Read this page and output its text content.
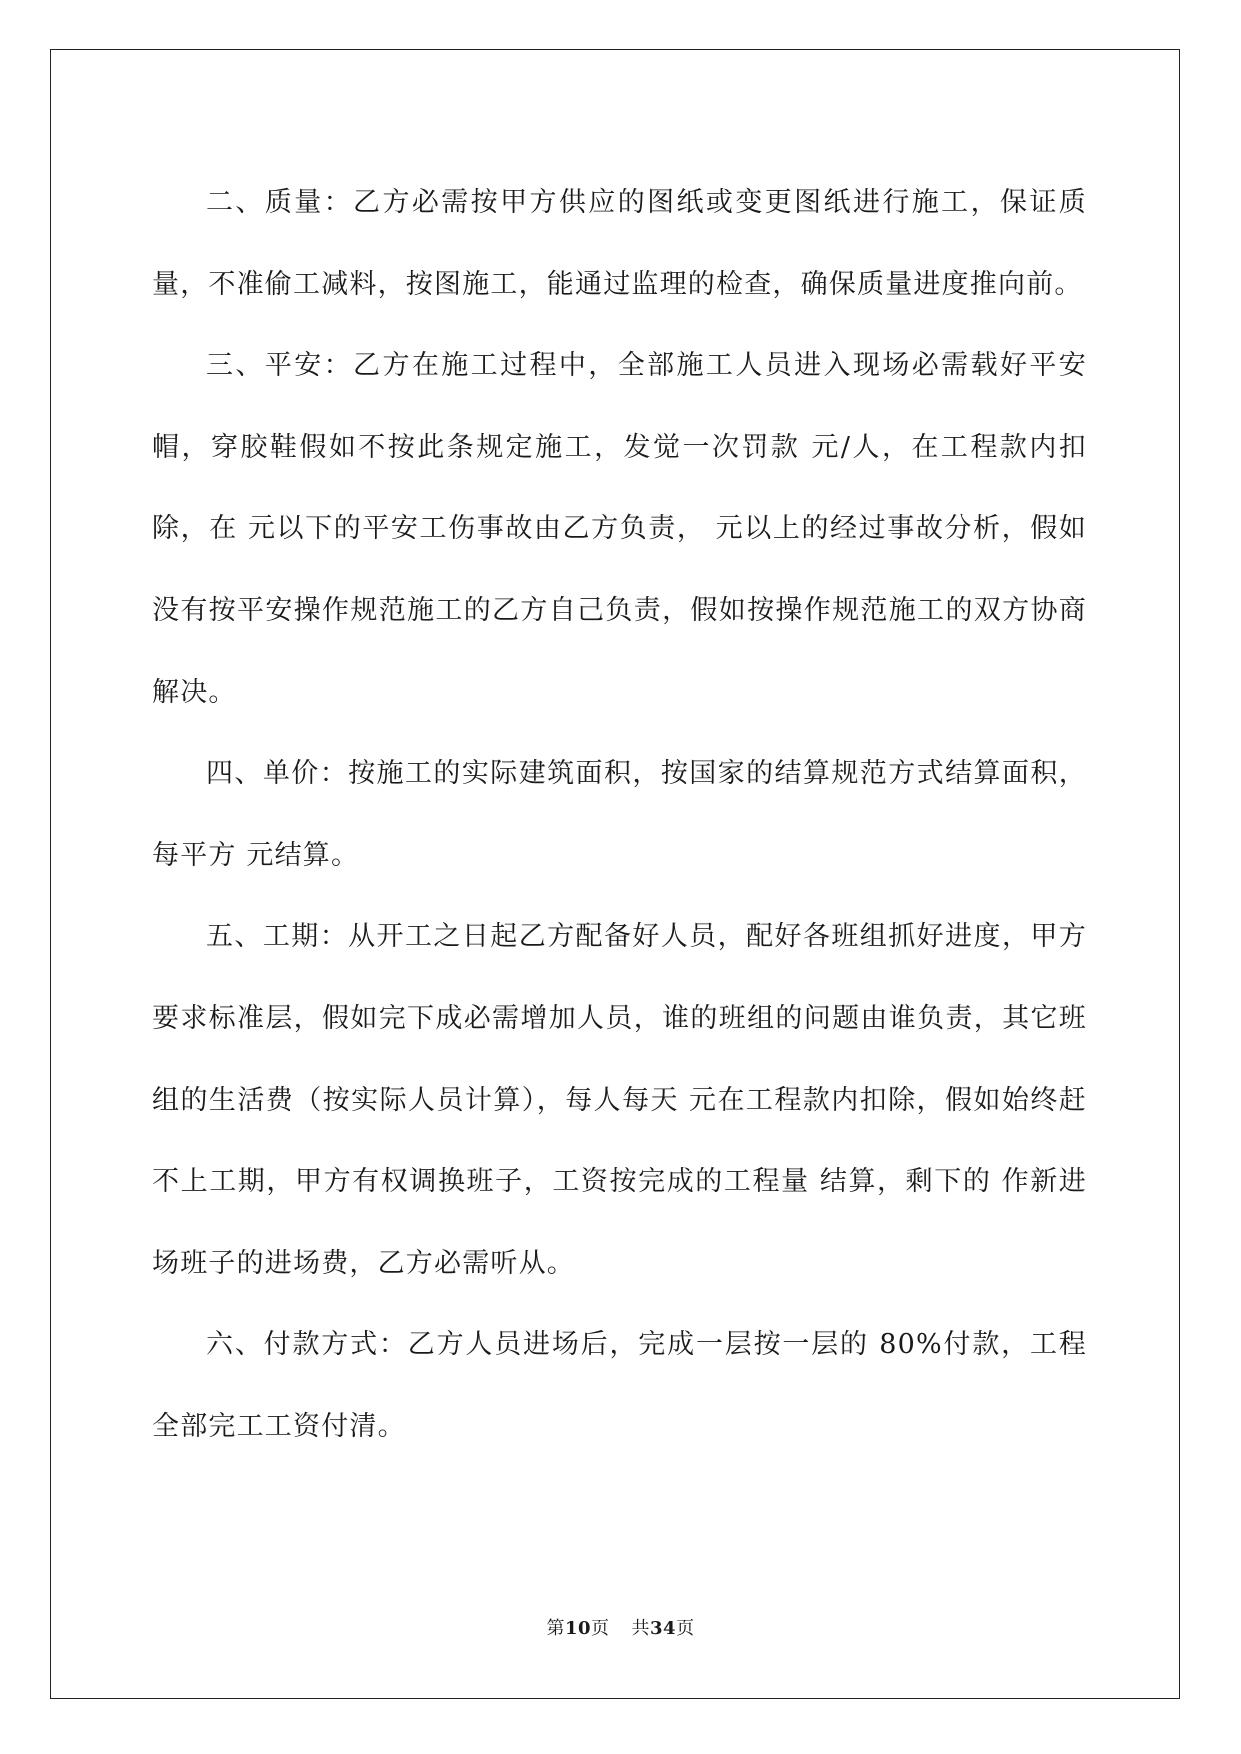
二、质量：乙方必需按甲方供应的图纸或变更图纸进行施工，保证质量，不准偷工减料，按图施工，能通过监理的检查，确保质量进度推向前。

三、平安：乙方在施工过程中，全部施工人员进入现场必需载好平安帽，穿胶鞋假如不按此条规定施工，发觉一次罚款 元/人，在工程款内扣除，在 元以下的平安工伤事故由乙方负责， 元以上的经过事故分析，假如没有按平安操作规范施工的乙方自己负责，假如按操作规范施工的双方协商解决。

四、单价：按施工的实际建筑面积，按国家的结算规范方式结算面积，每平方 元结算。

五、工期：从开工之日起乙方配备好人员，配好各班组抓好进度，甲方要求标准层，假如完下成必需增加人员，谁的班组的问题由谁负责，其它班组的生活费（按实际人员计算），每人每天 元在工程款内扣除，假如始终赶不上工期，甲方有权调换班子，工资按完成的工程量 结算，剩下的 作新进场班子的进场费，乙方必需听从。

六、付款方式：乙方人员进场后，完成一层按一层的 80%付款，工程全部完工工资付清。

第10页 共34页
